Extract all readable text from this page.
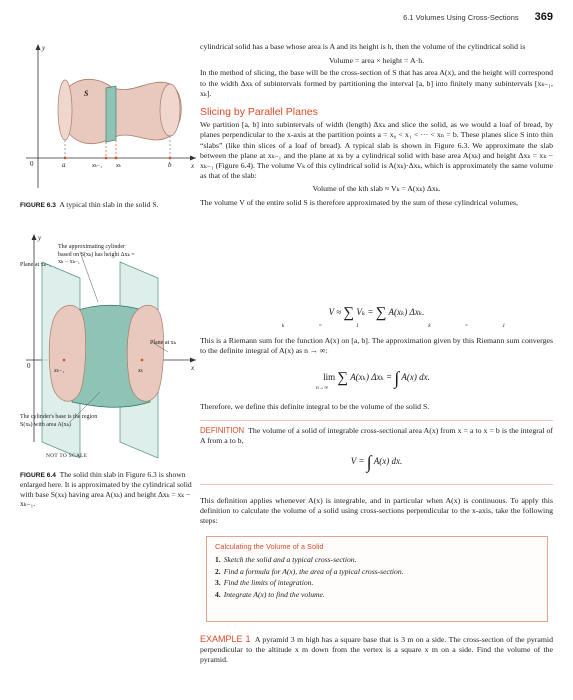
6.1 Volumes Using Cross-Sections 369
S
0
y
x
a	b
xₖ₋₁ xₖ
FIGURE 6.3 A typical thin slab in the solid S.
0
y
x
xₖ₋₁	xₖ
The approximating cylinder based on S(xₖ) has height Δxₖ = xₖ − xₖ₋₁
Plane at xₖ₋₁
Plane at xₖ
The cylinder's base is the region S(xₖ) with area A(xₖ)
NOT TO SCALE
FIGURE 6.4 The solid thin slab in Figure 6.3 is shown enlarged here. It is approximated by the cylindrical solid with base S(xₖ) having area A(xₖ) and height Δxₖ = xₖ − xₖ₋₁.

cylindrical solid has a base whose area is A and its height is h, then the volume of the cylindrical solid is

Volume = area × height = A·h.

In the method of slicing, the base will be the cross-section of S that has area A(x), and the height will correspond to the width Δxₖ of subintervals formed by partitioning the interval [a, b] into finitely many subintervals [xₖ₋₁, xₖ].

Slicing by Parallel Planes

We partition [a, b] into subintervals of width (length) Δxₖ and slice the solid, as we would a loaf of bread, by planes perpendicular to the x-axis at the partition points a = x₀ < x₁ < ··· < xₙ = b. These planes slice S into thin “slabs” (like thin slices of a loaf of bread). A typical slab is shown in Figure 6.3. We approximate the slab between the plane at xₖ₋₁ and the plane at xₖ by a cylindrical solid with base area A(xₖ) and height Δxₖ = xₖ − xₖ₋₁ (Figure 6.4). The volume Vₖ of this cylindrical solid is A(xₖ)·Δxₖ, which is approximately the same volume as that of the slab:

Volume of the kth slab ≈ Vₖ = A(xₖ) Δxₖ.

The volume V of the entire solid S is therefore approximated by the sum of these cylindrical volumes,

V ≈ ∑ Vₖ = ∑ A(xₖ) Δxₖ.
k=1	k=1

This is a Riemann sum for the function A(x) on [a, b]. The approximation given by this Riemann sum converges to the definite integral of A(x) as n → ∞:

lim ∑ A(xₖ) Δxₖ = ∫ A(x) dx.
n→∞

Therefore, we define this definite integral to be the volume of the solid S.

DEFINITION The volume of a solid of integrable cross-sectional area A(x) from x = a to x = b is the integral of A from a to b,

V = ∫ A(x) dx.

This definition applies whenever A(x) is integrable, and in particular when A(x) is continuous. To apply this definition to calculate the volume of a solid using cross-sections perpendicular to the x-axis, take the following steps:

Calculating the Volume of a Solid
1. Sketch the solid and a typical cross-section.
2. Find a formula for A(x), the area of a typical cross-section.
3. Find the limits of integration.
4. Integrate A(x) to find the volume.

EXAMPLE 1 A pyramid 3 m high has a square base that is 3 m on a side. The cross-section of the pyramid perpendicular to the altitude x m down from the vertex is a square x m on a side. Find the volume of the pyramid.
